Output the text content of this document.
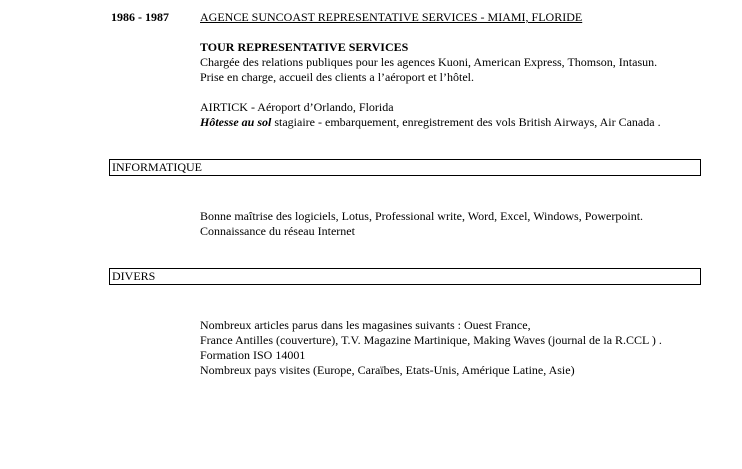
1986 - 1987	AGENCE SUNCOAST REPRESENTATIVE SERVICES - MIAMI, FLORIDE
TOUR REPRESENTATIVE SERVICES
Chargée des relations publiques pour les agences Kuoni, American Express, Thomson, Intasun.
Prise en charge, accueil des clients a l’aéroport et l’hôtel.
AIRTICK - Aéroport d’Orlando, Florida
Hôtesse au sol stagiaire - embarquement, enregistrement des vols British Airways, Air Canada .
INFORMATIQUE
Bonne maîtrise des logiciels, Lotus, Professional write, Word, Excel, Windows, Powerpoint.
Connaissance du réseau Internet
DIVERS
Nombreux articles parus dans les magasines suivants : Ouest France,
France Antilles (couverture), T.V. Magazine Martinique, Making Waves (journal de la R.CCL ) .
Formation ISO 14001
Nombreux pays visites (Europe, Caraïbes, Etats-Unis, Amérique Latine, Asie)
